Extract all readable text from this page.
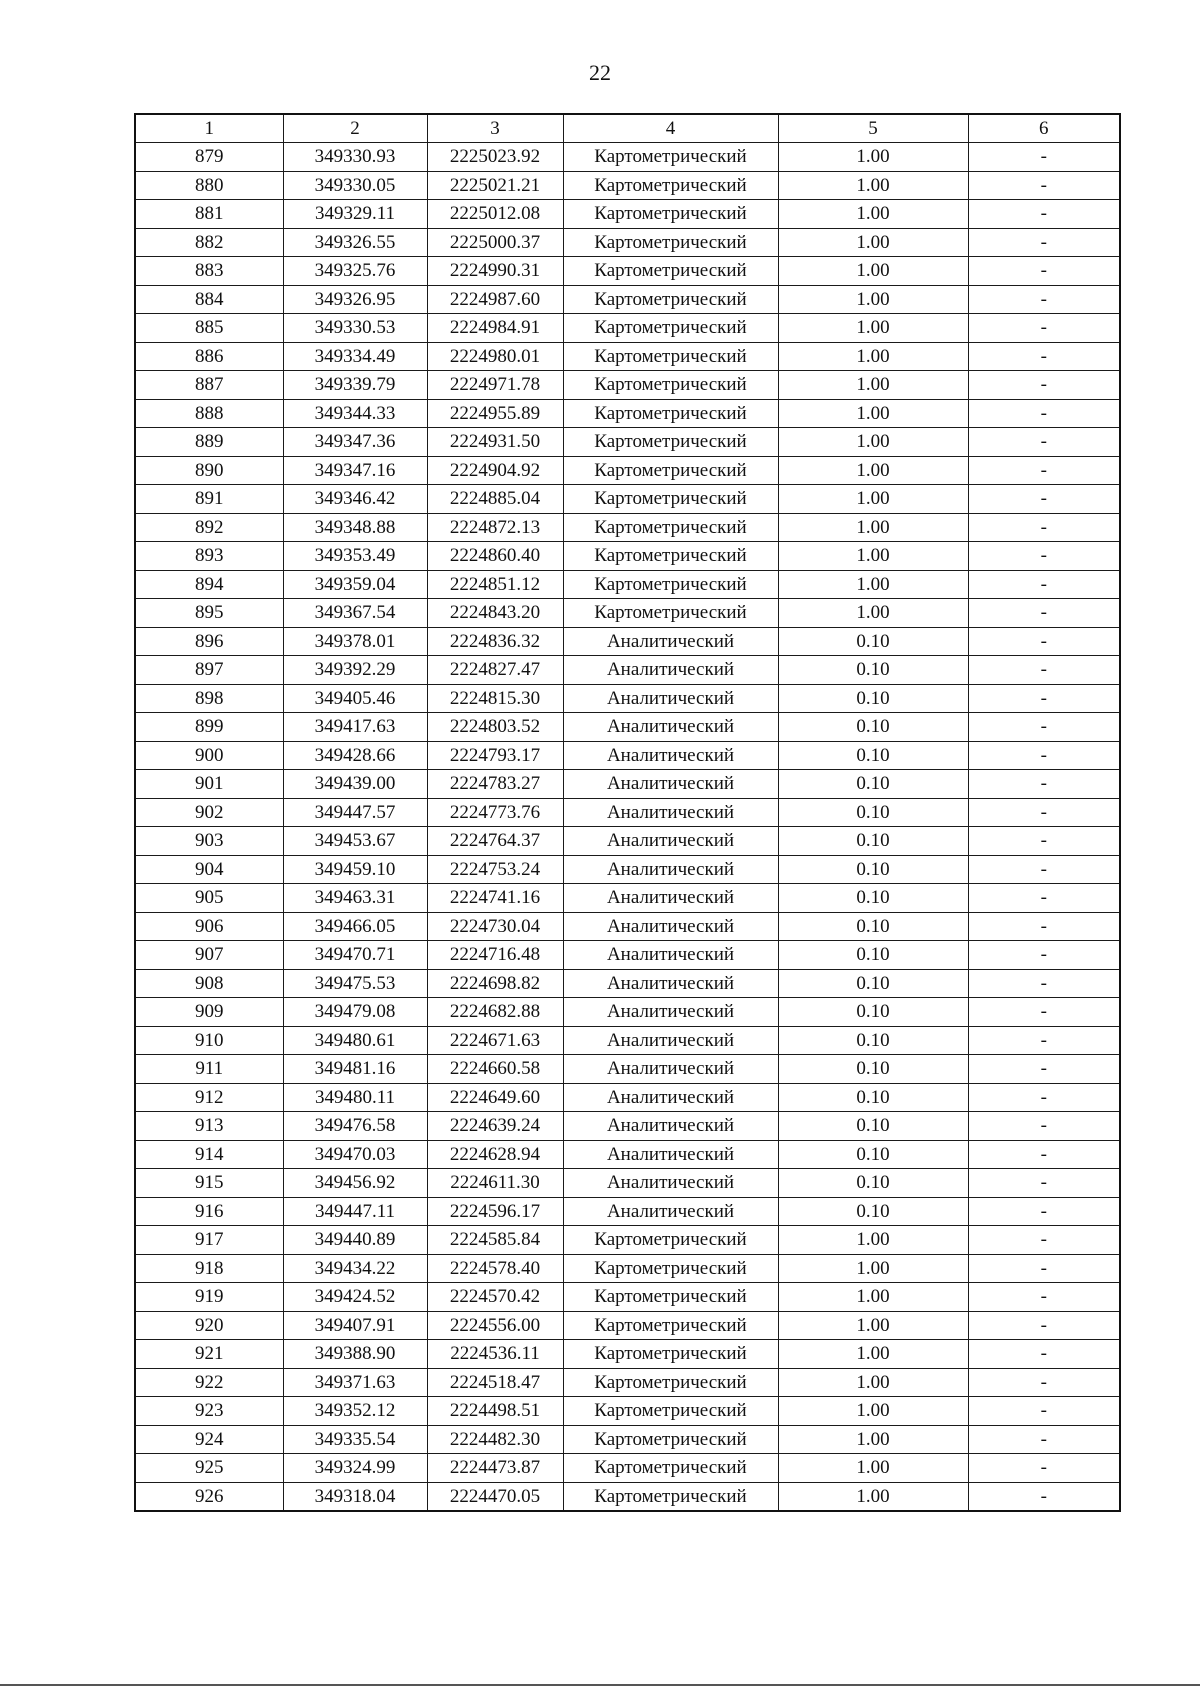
22
1	2	3	4	5	6
879	349330.93	2225023.92	Картометрический	1.00	-
880	349330.05	2225021.21	Картометрический	1.00	-
881	349329.11	2225012.08	Картометрический	1.00	-
882	349326.55	2225000.37	Картометрический	1.00	-
883	349325.76	2224990.31	Картометрический	1.00	-
884	349326.95	2224987.60	Картометрический	1.00	-
885	349330.53	2224984.91	Картометрический	1.00	-
886	349334.49	2224980.01	Картометрический	1.00	-
887	349339.79	2224971.78	Картометрический	1.00	-
888	349344.33	2224955.89	Картометрический	1.00	-
889	349347.36	2224931.50	Картометрический	1.00	-
890	349347.16	2224904.92	Картометрический	1.00	-
891	349346.42	2224885.04	Картометрический	1.00	-
892	349348.88	2224872.13	Картометрический	1.00	-
893	349353.49	2224860.40	Картометрический	1.00	-
894	349359.04	2224851.12	Картометрический	1.00	-
895	349367.54	2224843.20	Картометрический	1.00	-
896	349378.01	2224836.32	Аналитический	0.10	-
897	349392.29	2224827.47	Аналитический	0.10	-
898	349405.46	2224815.30	Аналитический	0.10	-
899	349417.63	2224803.52	Аналитический	0.10	-
900	349428.66	2224793.17	Аналитический	0.10	-
901	349439.00	2224783.27	Аналитический	0.10	-
902	349447.57	2224773.76	Аналитический	0.10	-
903	349453.67	2224764.37	Аналитический	0.10	-
904	349459.10	2224753.24	Аналитический	0.10	-
905	349463.31	2224741.16	Аналитический	0.10	-
906	349466.05	2224730.04	Аналитический	0.10	-
907	349470.71	2224716.48	Аналитический	0.10	-
908	349475.53	2224698.82	Аналитический	0.10	-
909	349479.08	2224682.88	Аналитический	0.10	-
910	349480.61	2224671.63	Аналитический	0.10	-
911	349481.16	2224660.58	Аналитический	0.10	-
912	349480.11	2224649.60	Аналитический	0.10	-
913	349476.58	2224639.24	Аналитический	0.10	-
914	349470.03	2224628.94	Аналитический	0.10	-
915	349456.92	2224611.30	Аналитический	0.10	-
916	349447.11	2224596.17	Аналитический	0.10	-
917	349440.89	2224585.84	Картометрический	1.00	-
918	349434.22	2224578.40	Картометрический	1.00	-
919	349424.52	2224570.42	Картометрический	1.00	-
920	349407.91	2224556.00	Картометрический	1.00	-
921	349388.90	2224536.11	Картометрический	1.00	-
922	349371.63	2224518.47	Картометрический	1.00	-
923	349352.12	2224498.51	Картометрический	1.00	-
924	349335.54	2224482.30	Картометрический	1.00	-
925	349324.99	2224473.87	Картометрический	1.00	-
926	349318.04	2224470.05	Картометрический	1.00	-
